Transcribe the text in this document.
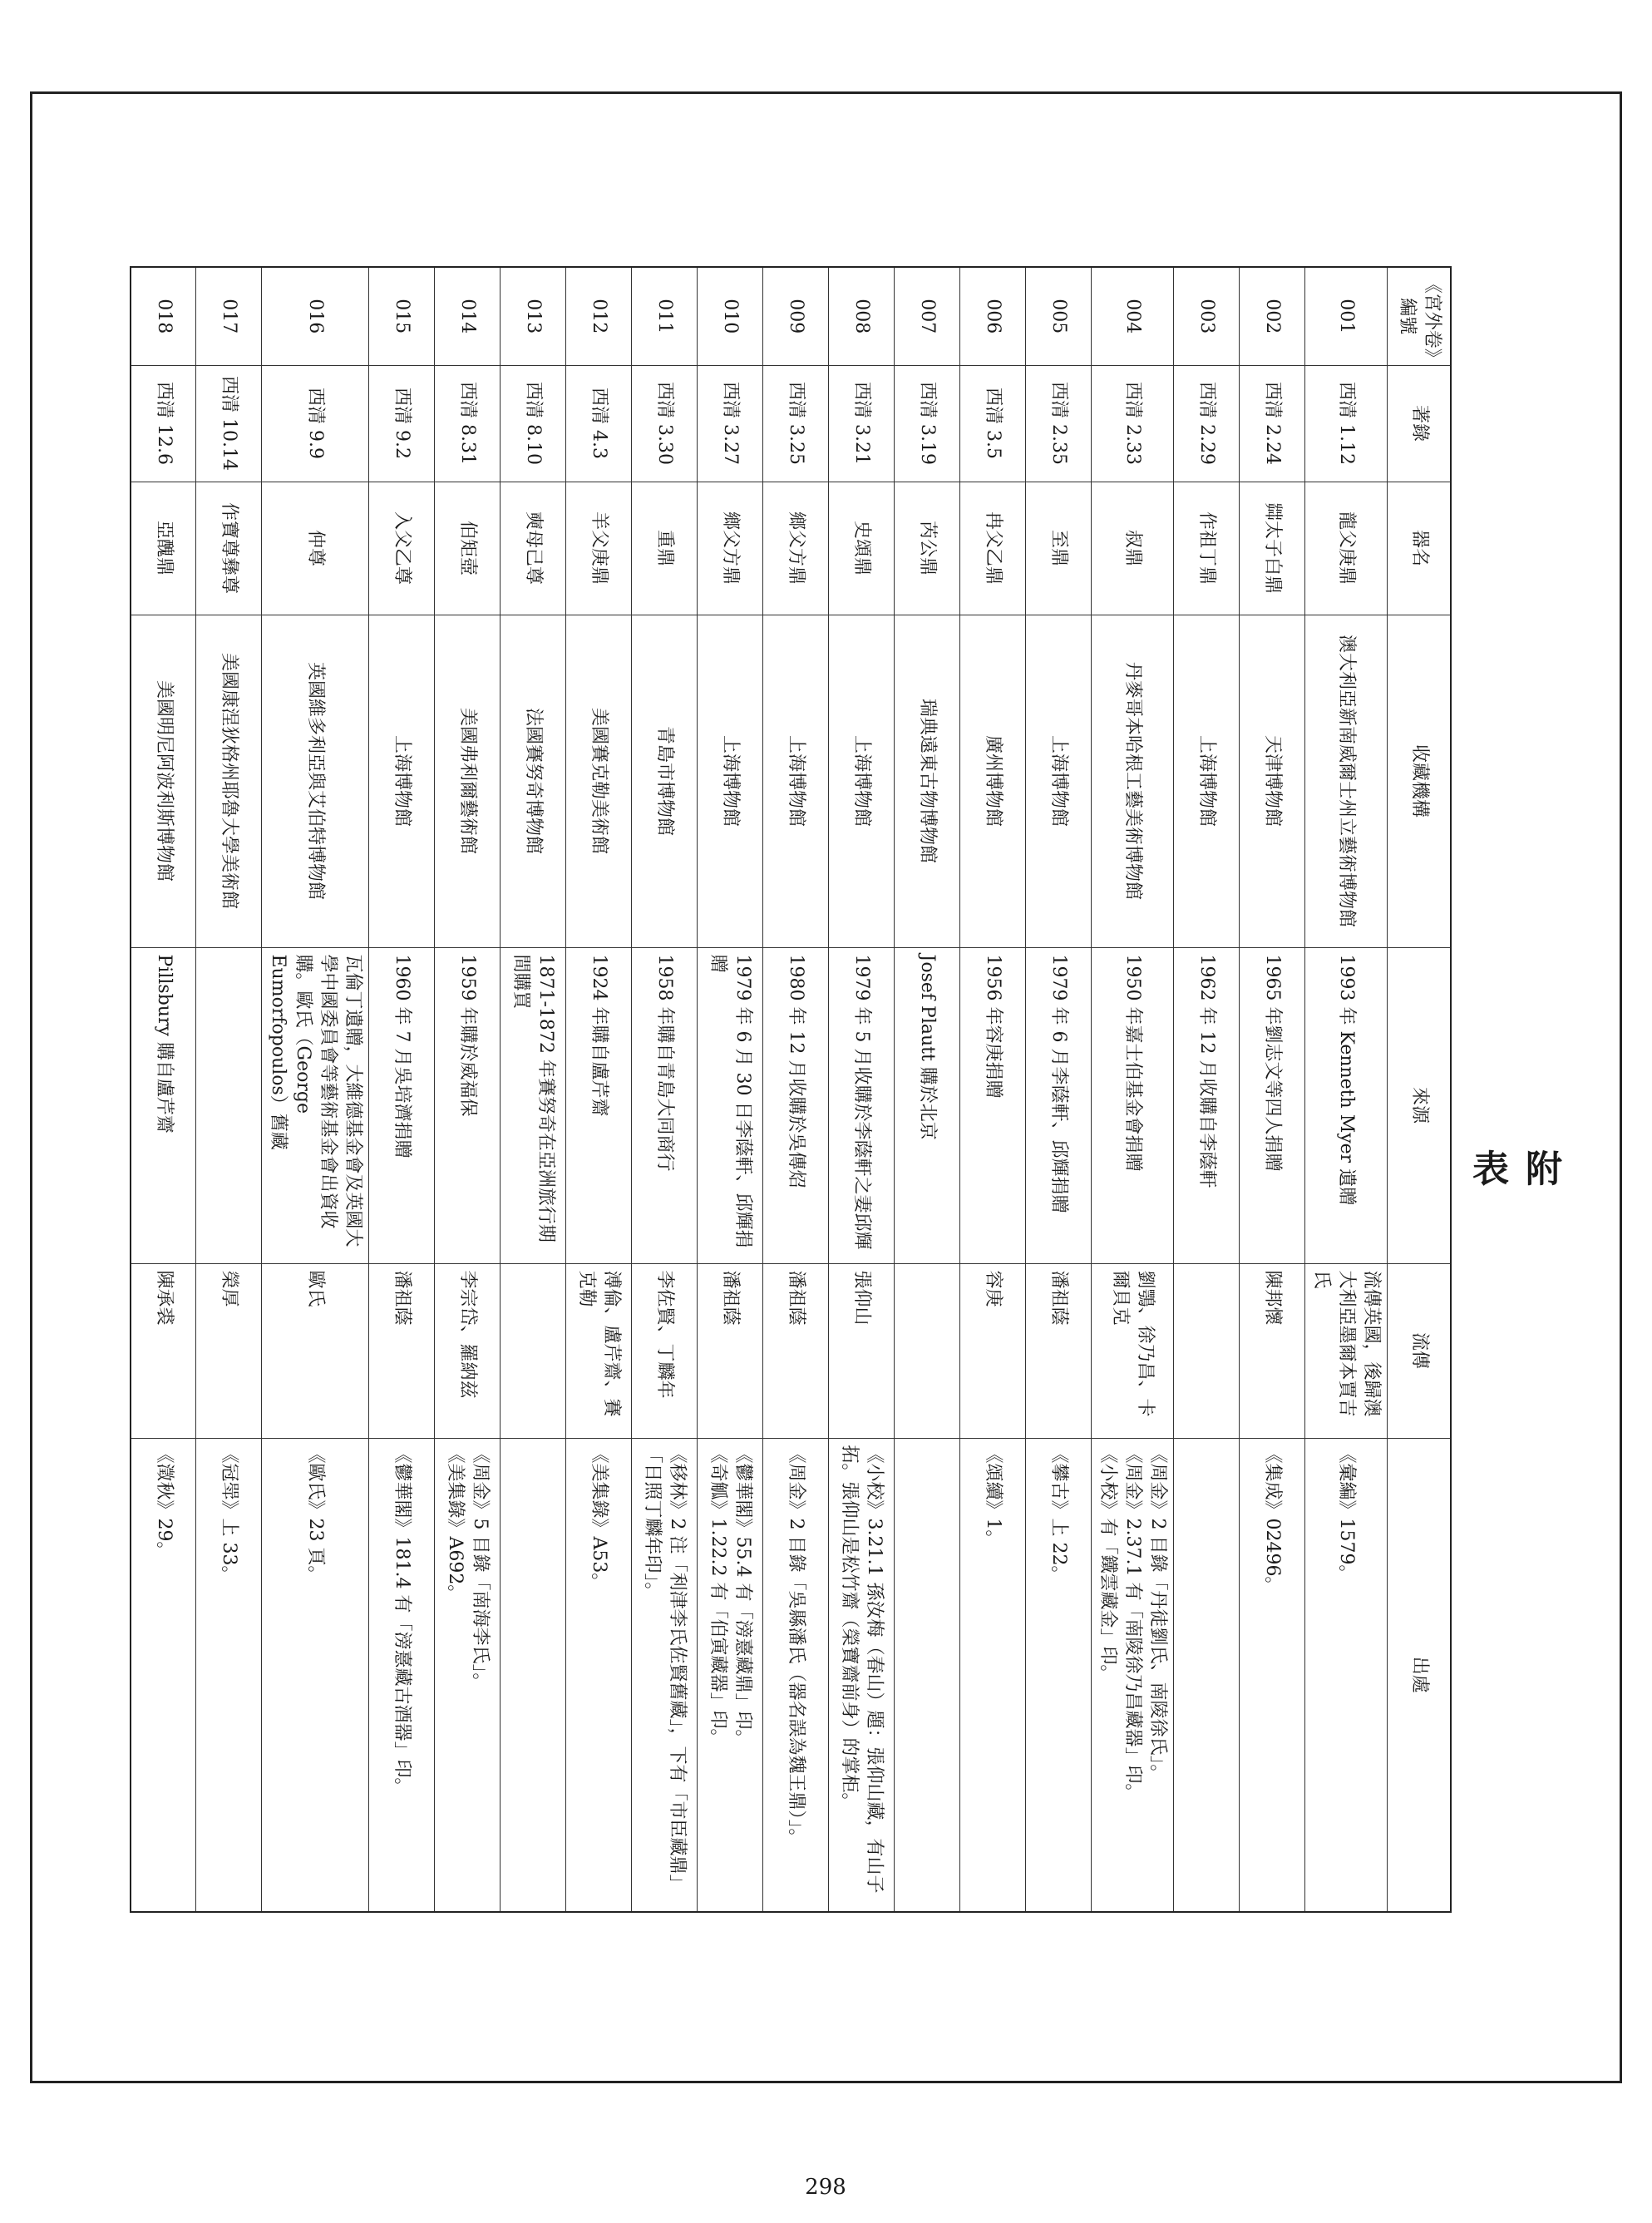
附表
《宮外卷》編號	著錄	器名	收藏機構	來源	流傳	出處
001	西清 1.12	龍父庚鼎	澳大利亞新南威爾士州立藝術博物館	1993 年 Kenneth Myer 遺贈	流傳英國，後歸澳大利亞墨爾本賈吉氏	《彙編》1579。

002	西清 2.24	茻太子白鼎	天津博物館	1965 年劉志文等四人捐贈	陳邦懷	《集成》02496。

003	西清 2.29	作祖丁鼎	上海博物館	1962 年 12 月收購自李蔭軒		
004	西清 2.33	叔鼎	丹麥哥本哈根工藝美術博物館	1950 年嘉士伯基金會捐贈	劉鶚、徐乃昌、卡爾貝克	《周金》2 目錄「丹徒劉氏、南陵徐氏」。
《周金》2.37.1 有「南陵徐乃昌藏器」印。
《小校》有「鐵雲藏金」印。

005	西清 2.35	至鼎	上海博物館	1979 年 6 月李蔭軒、邱輝捐贈	潘祖蔭	《攀古》上 22。

006	西清 3.5	冉父乙鼎	廣州博物館	1956 年容庚捐贈	容庚	《頌續》1。

007	西清 3.19	芮公鼎	瑞典遠東古物博物館	Josef Plautt 購於北京		
008	西清 3.21	史頌鼎	上海博物館	1979 年 5 月收購於李蔭軒之妻邱輝	張仰山	《小校》3.21.1 孫汝梅（春山）題：張仰山藏，有山子拓。張仰山是松竹齋（榮寶齋前身）的掌柜。

009	西清 3.25	鄉父方鼎	上海博物館	1980 年 12 月收購於吳傳炤	潘祖蔭	《周金》2 目錄「吳縣潘氏（器名誤為魏王鼎）」。

010	西清 3.27	鄉父方鼎	上海博物館	1979 年 6 月 30 日李蔭軒、邱輝捐贈	潘祖蔭	《鬱華閣》55.4 有「滂憙藏鼎」印。
《奇觚》1.22.2 有「伯寅藏器」印。

011	西清 3.30	重鼎	青島市博物館	1958 年購自青島大同商行	李佐賢、丁麟年	《移林》2 注「利津李氏佐賢舊藏」，下有「市臣藏鼎」「日照丁麟年印」。

012	西清 4.3	羊父庚鼎	美國賽克勒美術館	1924 年購自盧芹齋	溥倫、盧芹齋、賽克勒	《美集錄》A53。

013	西清 8.10	奭母己尊	法國賽努奇博物館	1871-1872 年賽努奇在亞洲旅行期間購買		
014	西清 8.31	伯矩壺	美國弗利爾藝術館	1959 年購於威福保	李宗岱、羅納兹	《周金》5 目錄「南海李氏」。
《美集錄》A692。

015	西清 9.2	入父乙尊	上海博物館	1960 年 7 月吳培濟捐贈	潘祖蔭	《鬱華閣》181.4 有「滂憙藏古酒器」印。

016	西清 9.9	仲尊	英國維多利亞與艾伯特博物館	瓦倫丁遺贈，大維德基金會及英國大學中國委員會等藝術基金會出資收購。歐氏（George Eumorfopoulos）舊藏	歐氏	《歐氏》23 頁。

017	西清 10.14	作寶尊彝尊	美國康涅狄格州耶魯大學美術館		榮厚	《冠斝》上 33。

018	西清 12.6	亞醜鼎	美國明尼阿波利斯博物館	Pillsbury 購自盧芹齋	陳承裘	《澂秋》29。
298
